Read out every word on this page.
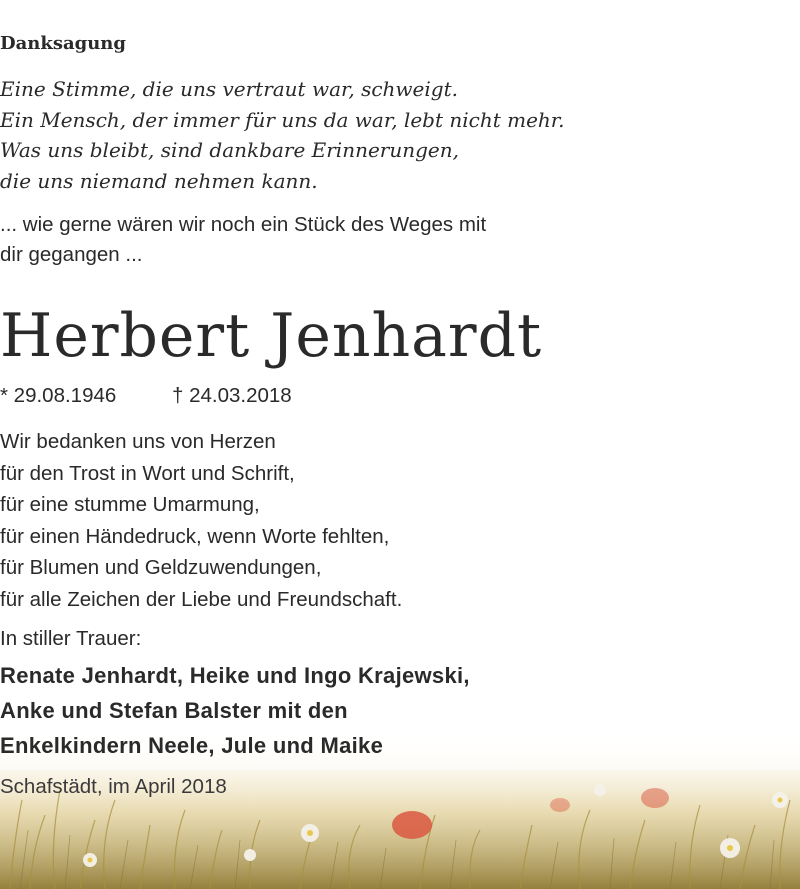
Danksagung
Eine Stimme, die uns vertraut war, schweigt.
Ein Mensch, der immer für uns da war, lebt nicht mehr.
Was uns bleibt, sind dankbare Erinnerungen,
die uns niemand nehmen kann.
... wie gerne wären wir noch ein Stück des Weges mit
dir gegangen ...
Herbert Jenhardt
* 29.08.1946	† 24.03.2018
Wir bedanken uns von Herzen
für den Trost in Wort und Schrift,
für eine stumme Umarmung,
für einen Händedruck, wenn Worte fehlten,
für Blumen und Geldzuwendungen,
für alle Zeichen der Liebe und Freundschaft.
In stiller Trauer:
Renate Jenhardt, Heike und Ingo Krajewski,
Anke und Stefan Balster mit den
Enkelkindern Neele, Jule und Maike
Schafstädt, im April 2018
